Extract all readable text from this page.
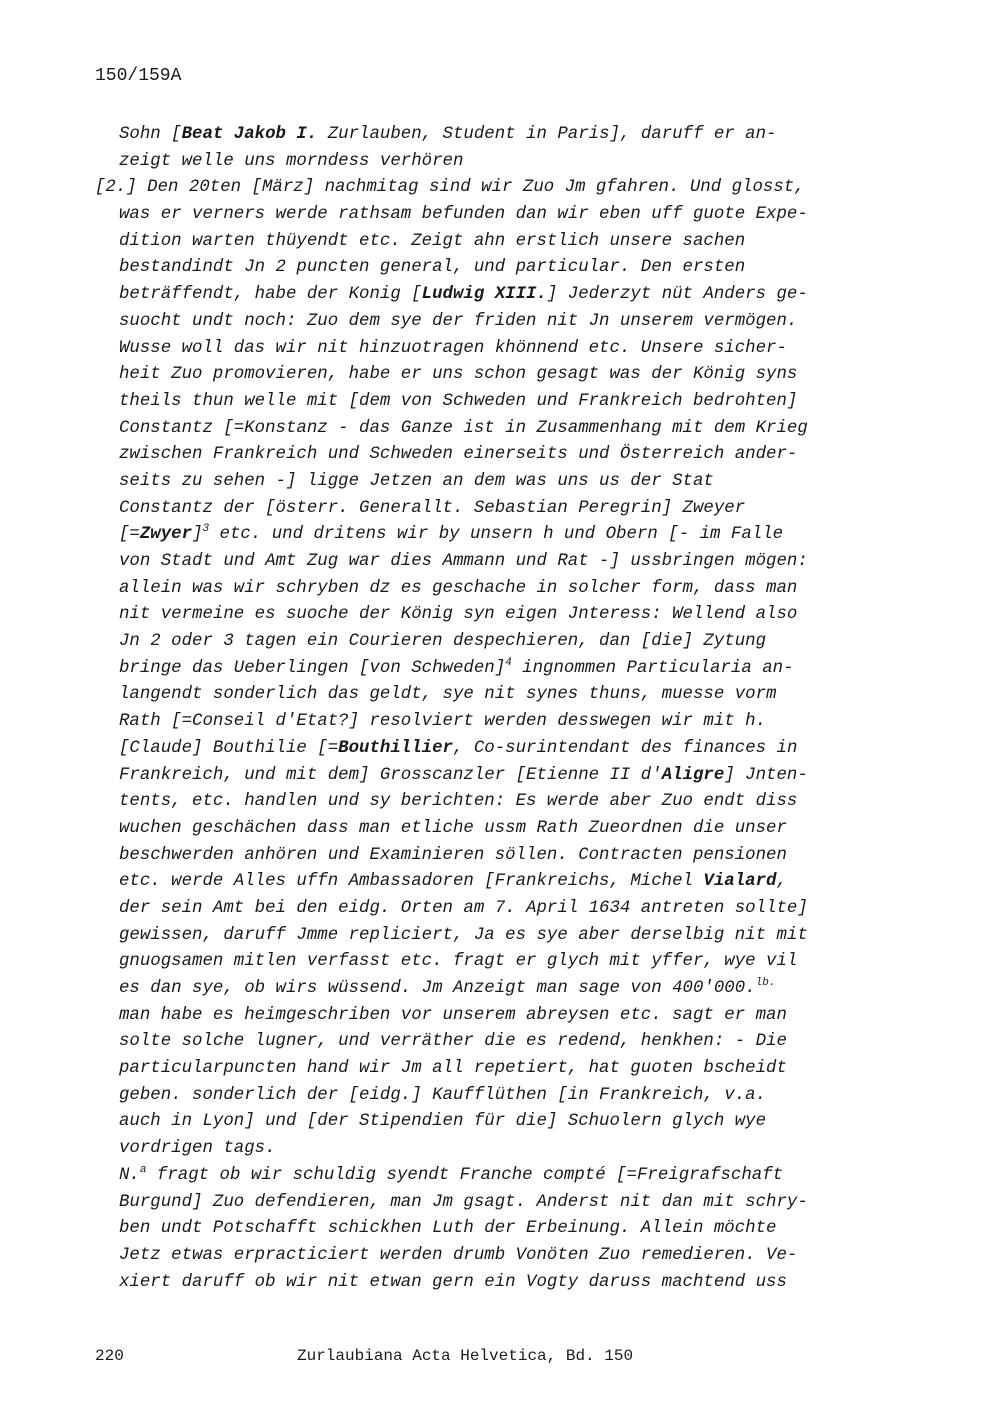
150/159A
Sohn [Beat Jakob I. Zurlauben, Student in Paris], daruff er an-
zeigt welle uns morndess verhören
[2.] Den 20ten [März] nachmitag sind wir Zuo Jm gfahren. Und glosst,
was er verners werde rathsam befunden dan wir eben uff guote Expe-
dition warten thüyendt etc. Zeigt ahn erstlich unsere sachen
bestandindt Jn 2 puncten general, und particular. Den ersten
beträffendt, habe der Konig [Ludwig XIII.] Jederzyt nüt Anders ge-
suocht undt noch: Zuo dem sye der friden nit Jn unserem vermögen.
Wusse woll das wir nit hinzuotragen khönnend etc. Unsere sicher-
heit Zuo promovieren, habe er uns schon gesagt was der König syns
theils thun welle mit [dem von Schweden und Frankreich bedrohten]
Constantz [=Konstanz - das Ganze ist in Zusammenhang mit dem Krieg
zwischen Frankreich und Schweden einerseits und Österreich ander-
seits zu sehen -] ligge Jetzen an dem was uns us der Stat
Constantz der [österr. Generallt. Sebastian Peregrin] Zweyer
[=Zwyer]$^3$ etc. und dritens wir by unsern h und Obern [- im Falle
von Stadt und Amt Zug war dies Ammann und Rat -] ussbringen mögen:
allein was wir schryben dz es geschache in solcher form, dass man
nit vermeine es suoche der König syn eigen Jnteress: Wellend also
Jn 2 oder 3 tagen ein Courieren despechieren, dan [die] Zytung
bringe das Ueberlingen [von Schweden]$^4$ ingnommen Particularia an-
langendt sonderlich das geldt, sye nit synes thuns, muesse vorm
Rath [=Conseil d'Etat?] resolviert werden desswegen wir mit h.
[Claude] Bouthilie [=Bouthillier, Co-surintendant des finances in
Frankreich, und mit dem] Grosscanzler [Etienne II d'Aligre] Jnten-
tents, etc. handlen und sy berichten: Es werde aber Zuo endt diss
wuchen geschächen dass man etliche ussm Rath Zueordnen die unser
beschwerden anhören und Examinieren söllen. Contracten pensionen
etc. werde Alles uffn Ambassadoren [Frankreichs, Michel Vialard,
der sein Amt bei den eidg. Orten am 7. April 1634 antreten sollte]
gewissen, daruff Jmme repliciert, Ja es sye aber derselbig nit mit
gnuogsamen mitlen verfasst etc. fragt er glych mit yffer, wye vil
es dan sye, ob wirs wüssend. Jm Anzeigt man sage von 400'000.$^{lb.}$
man habe es heimgeschriben vor unserem abreysen etc. sagt er man
solte solche lugner, und verräther die es redend, henkhen: - Die
particularpuncten hand wir Jm all repetiert, hat guoten bscheidt
geben. sonderlich der [eidg.] Kaufflüthen [in Frankreich, v.a.
auch in Lyon] und [der Stipendien für die] Schuolern glych wye
vordrigen tags.
N.$^a$ fragt ob wir schuldig syendt Franche compté [=Freigrafschaft
Burgund] Zuo defendieren, man Jm gsagt. Anderst nit dan mit schry-
ben undt Potschafft schickhen Luth der Erbeinung. Allein möchte
Jetz etwas erpracticiert werden drumb Vonöten Zuo remedieren. Ve-
xiert daruff ob wir nit etwan gern ein Vogty daruss machtend uss
220	Zurlaubiana Acta Helvetica, Bd. 150
